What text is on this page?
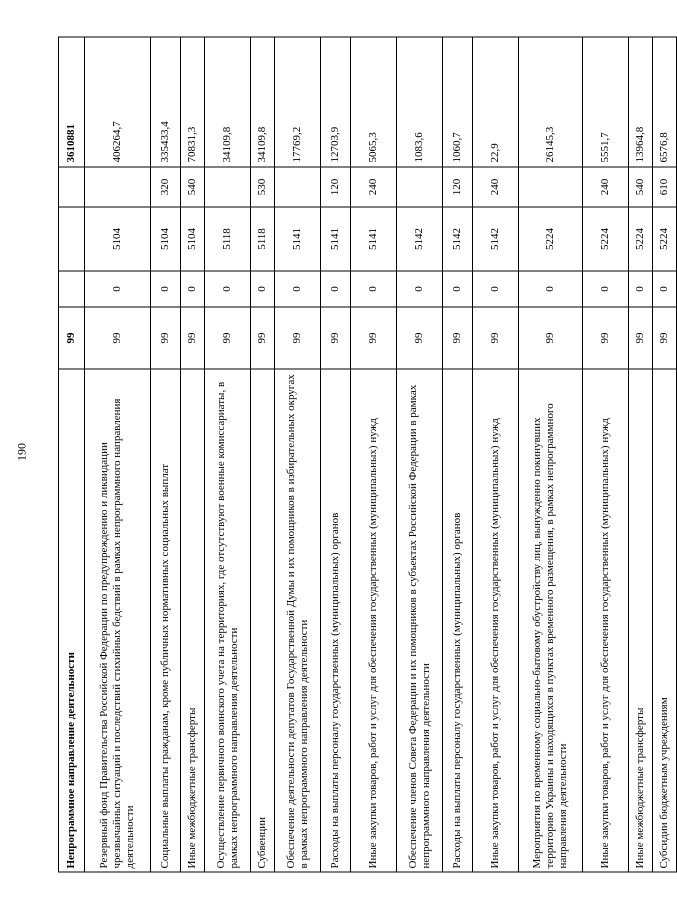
190
Непрограммное направление деятельности	99				3610881
Резервный фонд Правительства Российской Федерации по предупреждению и ликвидации чрезвычайных ситуаций и последствий стихийных бедствий в рамках непрограммного направления деятельности	99	0	5104		406264,7
Социальные выплаты гражданам, кроме публичных нормативных социальных выплат	99	0	5104	320	335433,4
Иные межбюджетные трансферты	99	0	5104	540	70831,3
Осуществление первичного воинского учета на территориях, где отсутствуют военные комиссариаты, в рамках непрограммного направления деятельности	99	0	5118		34109,8
Субвенции	99	0	5118	530	34109,8
Обеспечение деятельности депутатов Государственной Думы и их помощников в избирательных округах в рамках непрограммного направления деятельности	99	0	5141		17769,2
Расходы на выплаты персоналу государственных (муниципальных) органов	99	0	5141	120	12703,9
Иные закупки товаров, работ и услуг для обеспечения государственных (муниципальных) нужд	99	0	5141	240	5065,3
Обеспечение членов Совета Федерации и их помощников в субъектах Российской Федерации в рамках непрограммного направления деятельности	99	0	5142		1083,6
Расходы на выплаты персоналу государственных (муниципальных) органов	99	0	5142	120	1060,7
Иные закупки товаров, работ и услуг для обеспечения государственных (муниципальных) нужд	99	0	5142	240	22,9
Мероприятия по временному социально-бытовому обустройству лиц, вынужденно покинувших территорию Украины и находящихся в пунктах временного размещения, в рамках непрограммного направления деятельности	99	0	5224		26145,3
Иные закупки товаров, работ и услуг для обеспечения государственных (муниципальных) нужд	99	0	5224	240	5551,7
Иные межбюджетные трансферты	99	0	5224	540	13964,8
Субсидии бюджетным учреждениям	99	0	5224	610	6576,8
